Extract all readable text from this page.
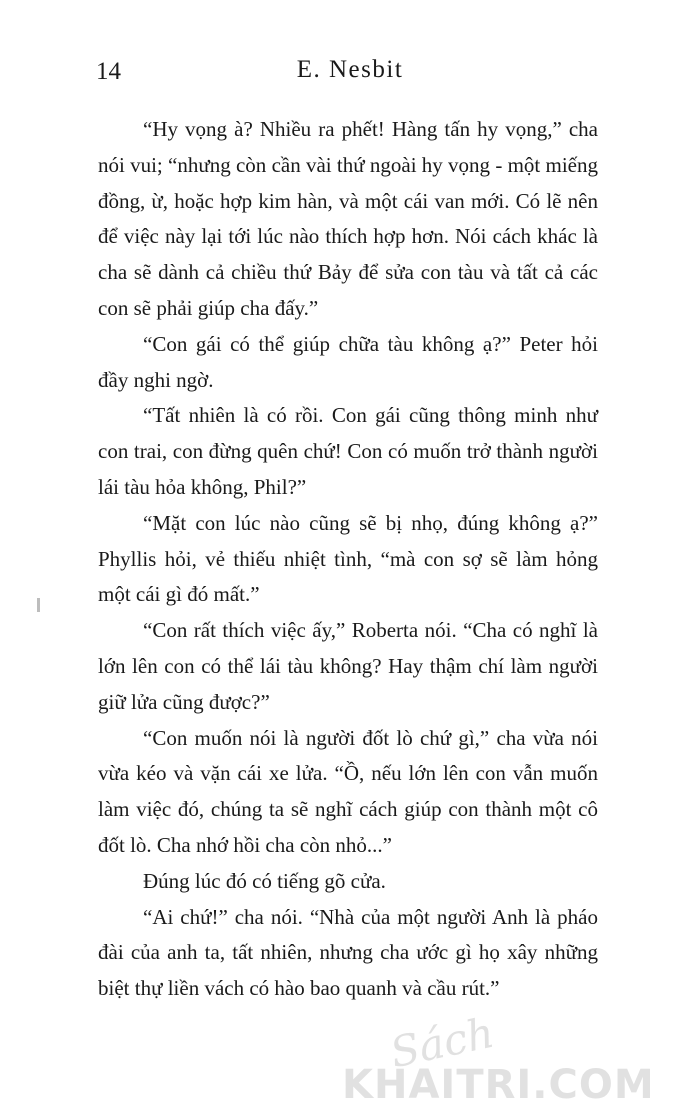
14	E. Nesbit

“Hy vọng à? Nhiều ra phết! Hàng tấn hy vọng,” cha nói vui; “nhưng còn cần vài thứ ngoài hy vọng - một miếng đồng, ừ, hoặc hợp kim hàn, và một cái van mới. Có lẽ nên để việc này lại tới lúc nào thích hợp hơn. Nói cách khác là cha sẽ dành cả chiều thứ Bảy để sửa con tàu và tất cả các con sẽ phải giúp cha đấy.”

“Con gái có thể giúp chữa tàu không ạ?” Peter hỏi đầy nghi ngờ.

“Tất nhiên là có rồi. Con gái cũng thông minh như con trai, con đừng quên chứ! Con có muốn trở thành người lái tàu hỏa không, Phil?”

“Mặt con lúc nào cũng sẽ bị nhọ, đúng không ạ?” Phyllis hỏi, vẻ thiếu nhiệt tình, “mà con sợ sẽ làm hỏng một cái gì đó mất.”

“Con rất thích việc ấy,” Roberta nói. “Cha có nghĩ là lớn lên con có thể lái tàu không? Hay thậm chí làm người giữ lửa cũng được?”

“Con muốn nói là người đốt lò chứ gì,” cha vừa nói vừa kéo và vặn cái xe lửa. “Ồ, nếu lớn lên con vẫn muốn làm việc đó, chúng ta sẽ nghĩ cách giúp con thành một cô đốt lò. Cha nhớ hồi cha còn nhỏ...”

Đúng lúc đó có tiếng gõ cửa.

“Ai chứ!” cha nói. “Nhà của một người Anh là pháo đài của anh ta, tất nhiên, nhưng cha ước gì họ xây những biệt thự liền vách có hào bao quanh và cầu rút.”

Sách
KHAITRI.COM
